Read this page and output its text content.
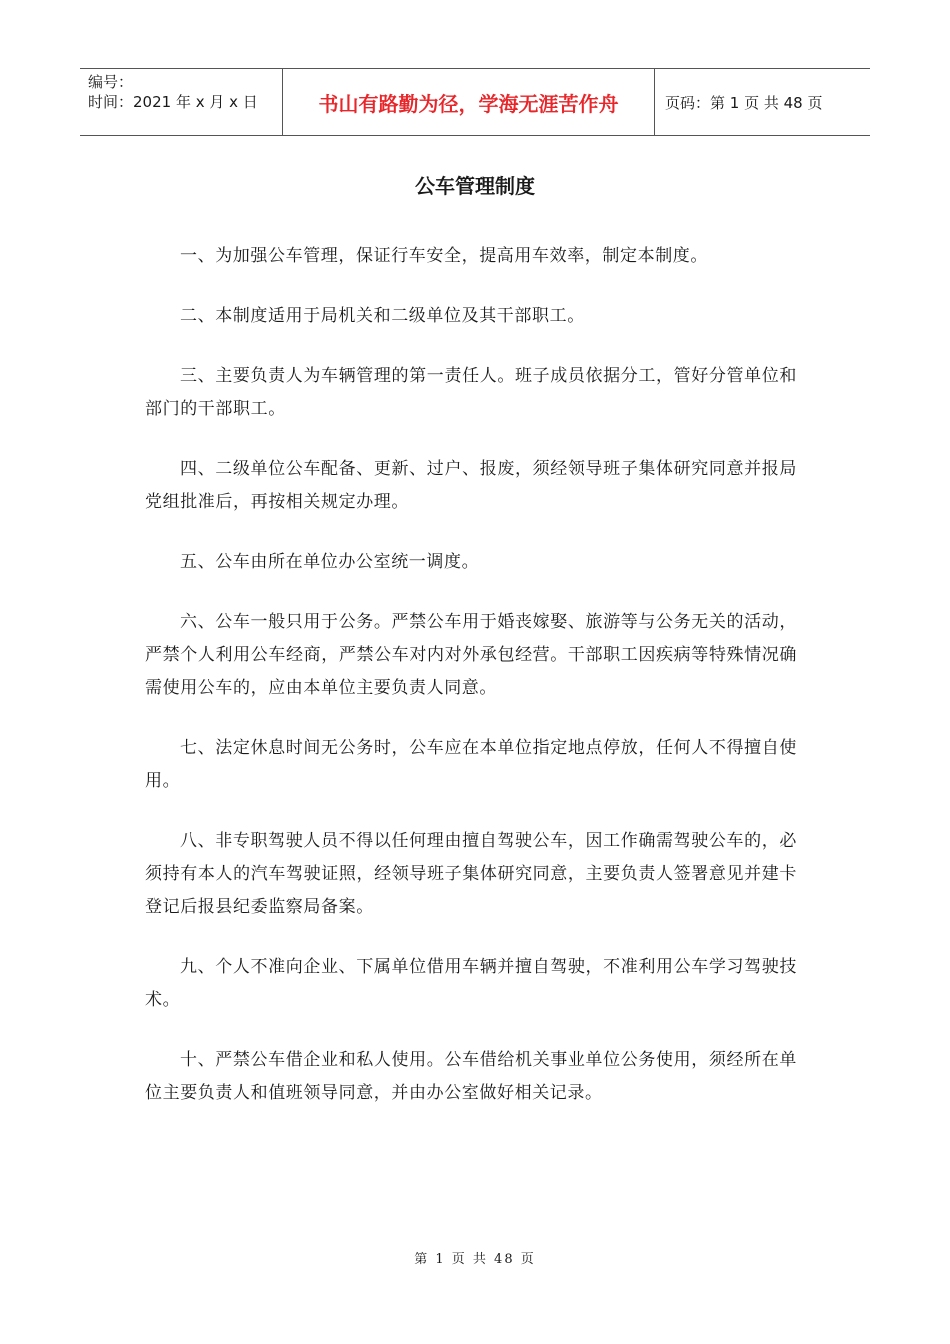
编号：
时间：2021 年 x 月 x 日	书山有路勤为径，学海无涯苦作舟	页码：第 1 页 共 48 页
公车管理制度

一、为加强公车管理，保证行车安全，提高用车效率，制定本制度。

二、本制度适用于局机关和二级单位及其干部职工。

三、主要负责人为车辆管理的第一责任人。班子成员依据分工，管好分管单位和部门的干部职工。

四、二级单位公车配备、更新、过户、报废，须经领导班子集体研究同意并报局党组批准后，再按相关规定办理。

五、公车由所在单位办公室统一调度。

六、公车一般只用于公务。严禁公车用于婚丧嫁娶、旅游等与公务无关的活动，严禁个人利用公车经商，严禁公车对内对外承包经营。干部职工因疾病等特殊情况确需使用公车的，应由本单位主要负责人同意。

七、法定休息时间无公务时，公车应在本单位指定地点停放，任何人不得擅自使用。

八、非专职驾驶人员不得以任何理由擅自驾驶公车，因工作确需驾驶公车的，必须持有本人的汽车驾驶证照，经领导班子集体研究同意，主要负责人签署意见并建卡登记后报县纪委监察局备案。

九、个人不准向企业、下属单位借用车辆并擅自驾驶，不准利用公车学习驾驶技术。

十、严禁公车借企业和私人使用。公车借给机关事业单位公务使用，须经所在单位主要负责人和值班领导同意，并由办公室做好相关记录。

第 1 页 共 48 页
